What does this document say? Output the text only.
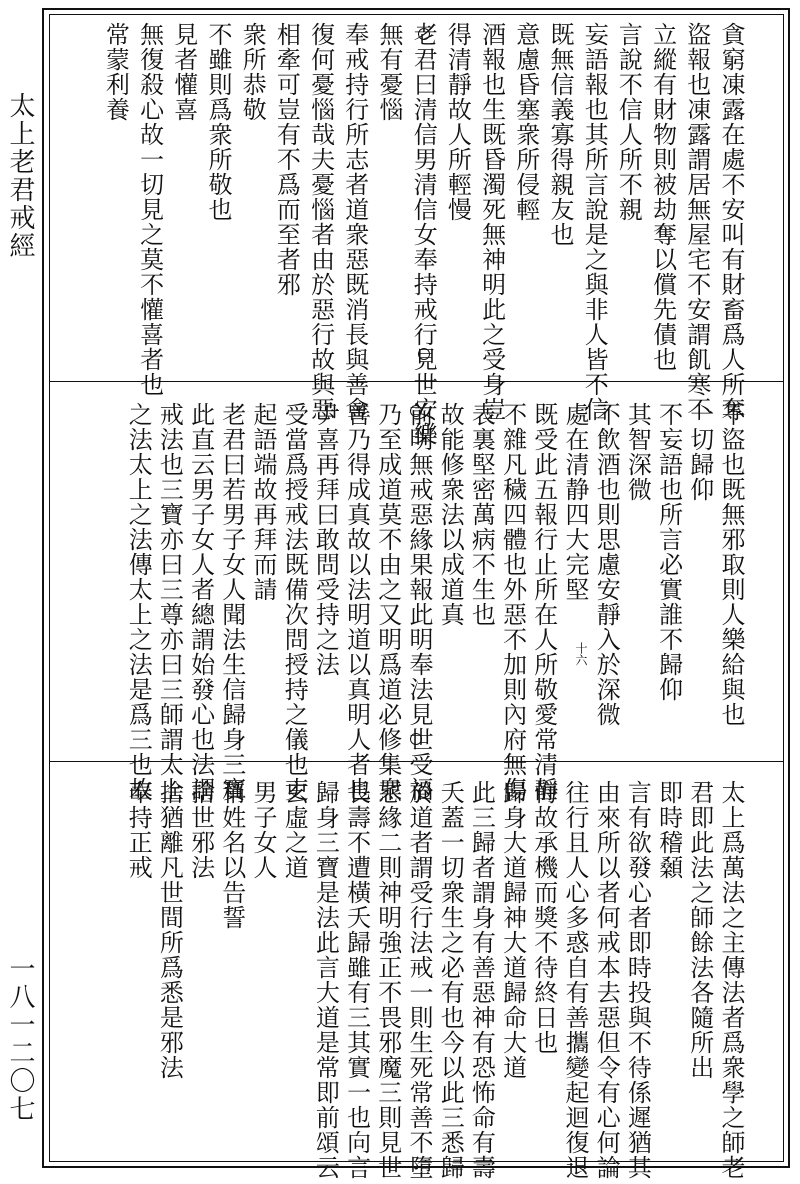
太上老君戒經
一八一二〇七
貪窮凍露在處不安叫有財畜爲人所奪
盜報也凍露謂居無屋宅不安謂飢寒不
立縱有財物則被劫奪以償先債也
言說不信人所不親
妄語報也其所言說是之與非人皆不信
既無信義寡得親友也
意慮昏塞衆所侵輕
酒報也生既昏濁死無神明此之受身豈
得清靜故人所輕慢
老君曰清信男清信女奉持戒行見世安樂
無有憂惱
奉戒持行所志者道衆惡既消長與善會
復何憂惱哉夫憂惱者由於惡行故與惡
相牽可豈有不爲而至者邪
衆所恭敬
不雖則爲衆所敬也
見者懽喜
無復殺心故一切見之莫不懽喜者也
常蒙利養
不盜也既無邪取則人樂給與也
一切歸仰
不妄語也所言必實誰不歸仰
其智深微
不飲酒也則思慮安靜入於深微
處在清静四大完堅
既受此五報行止所在人所敬愛常清靜
不雜凡穢四體也外惡不加則內府無傷
表裏堅密萬病不生也
故能修衆法以成道真
前明無戒惡緣果報此明奉法見世受福
乃至成道莫不由之又明爲道必修集衆
善乃得成真故以法明道以真明人者也
尹喜再拜曰敢問受持之法
受當爲授戒法既備次問授持之儀也吏
起語端故再拜而請
老君曰若男子女人聞法生信歸身三寶
此直云男子女人者總謂始發心也法謂
戒法也三寶亦曰三尊亦曰三師謂太上
之法太上之法傳太上之法是爲三也故
太上爲萬法之主傳法者爲衆學之師老
君即此法之師餘法各隨所出
即時稽顙
言有欲發心者即時投與不待係遲猶其
由來所以者何戒本去惡但令有心何論
往行且人心多惑自有善攜變起迴復退
悔故承機而獎不待終日也
歸身大道歸神大道歸命大道
此三歸者謂身有善惡神有恐怖命有壽
夭蓋一切衆生之必有也今以此三悉歸
於道者謂受行法戒一則生死常善不墮
惡緣二則神明強正不畏邪魔三則見世
長壽不遭橫夭歸雖有三其實一也向言
歸身三寶是法此言大道是常即前頌云
玄虛之道
男子女人
稱姓名以告誓
捨世邪法
捨猶離凡世間所爲悉是邪法
奉持正戒
十六
